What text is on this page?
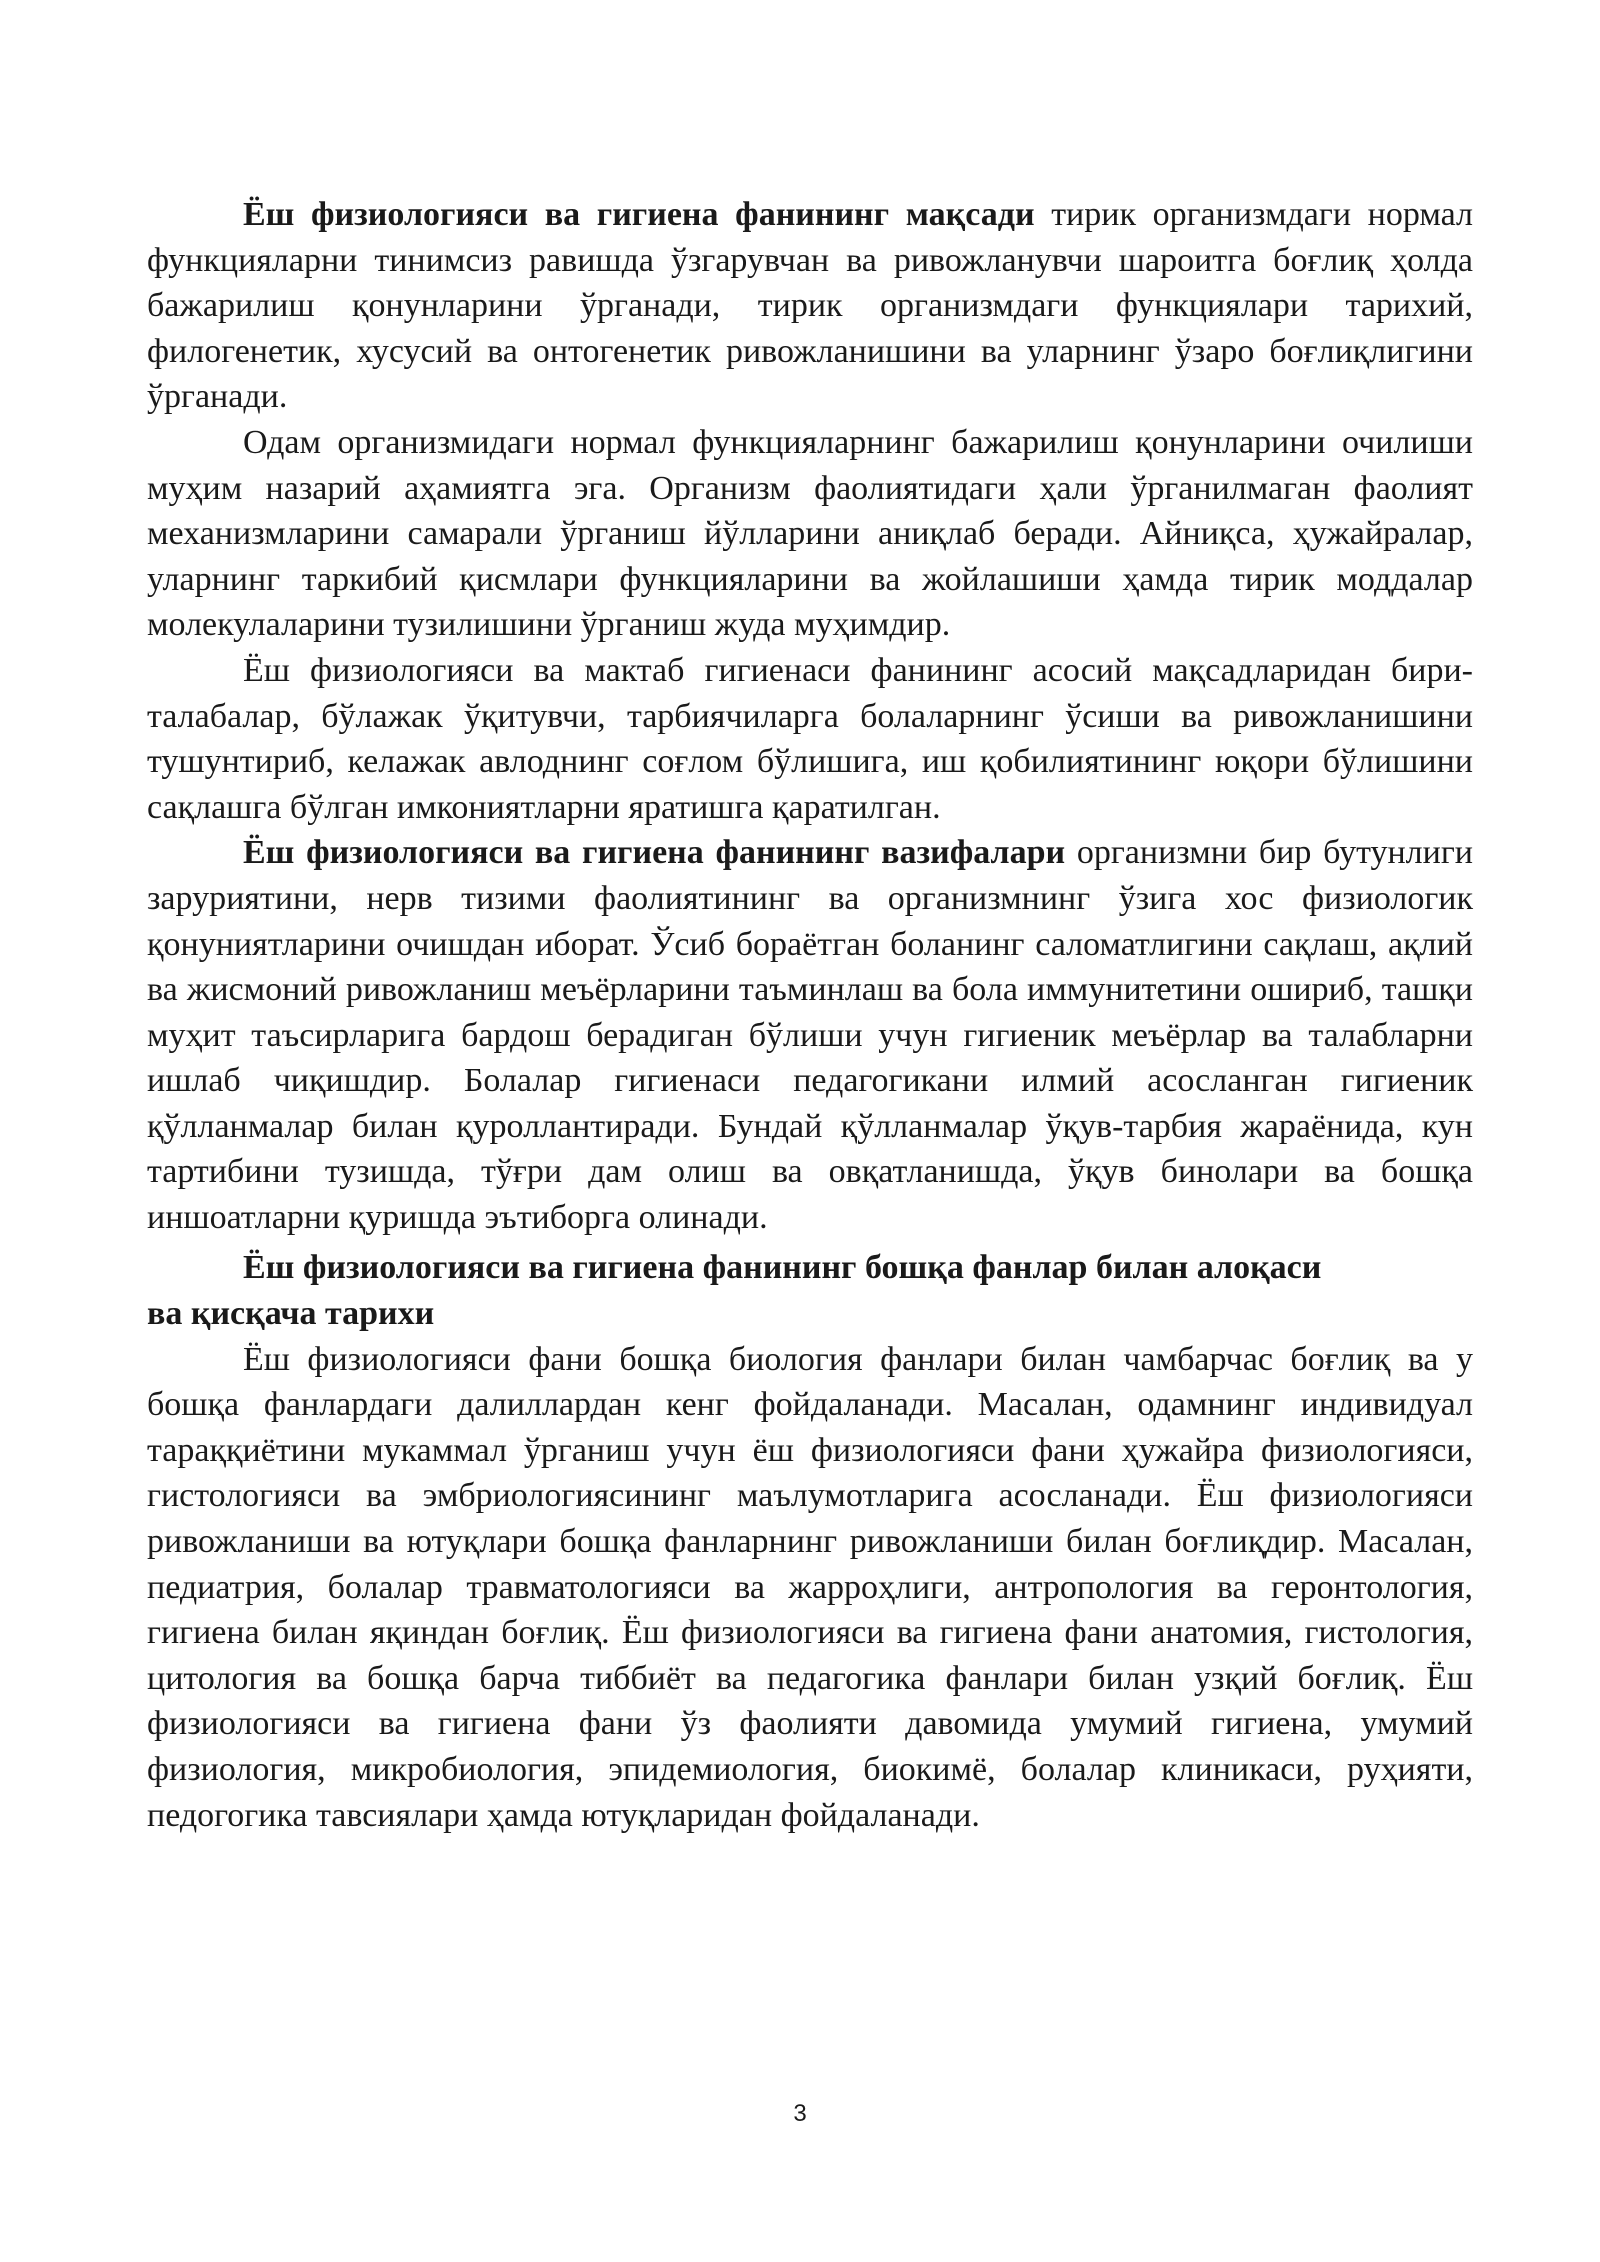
Ёш физиологияси ва гигиена фанининг мақсади тирик организмдаги нормал функцияларни тинимсиз равишда ўзгарувчан ва ривожланувчи шароитга боғлиқ ҳолда бажарилиш қонунларини ўрганади, тирик организмдаги функциялари тарихий, филогенетик, хусусий ва онтогенетик ривожланишини ва уларнинг ўзаро боғлиқлигини ўрганади.

Одам организмидаги нормал функцияларнинг бажарилиш қонунларини очилиши муҳим назарий аҳамиятга эга. Организм фаолиятидаги ҳали ўрганилмаган фаолият механизмларини самарали ўрганиш йўлларини аниқлаб беради. Айниқса, ҳужайралар, уларнинг таркибий қисмлари функцияларини ва жойлашиши ҳамда тирик моддалар молекулаларини тузилишини ўрганиш жуда муҳимдир.

Ёш физиологияси ва мактаб гигиенаси фанининг асосий мақсадларидан бири-талабалар, бўлажак ўқитувчи, тарбиячиларга болаларнинг ўсиши ва ривожланишини тушунтириб, келажак авлоднинг соғлом бўлишига, иш қобилиятининг юқори бўлишини сақлашга бўлган имкониятларни яратишга қаратилган.

Ёш физиологияси ва гигиена фанининг вазифалари организмни бир бутунлиги заруриятини, нерв тизими фаолиятининг ва организмнинг ўзига хос физиологик қонуниятларини очишдан иборат. Ўсиб бораётган боланинг саломатлигини сақлаш, ақлий ва жисмоний ривожланиш меъёрларини таъминлаш ва бола иммунитетини ошириб, ташқи муҳит таъсирларига бардош берадиган бўлиши учун гигиеник меъёрлар ва талабларни ишлаб чиқишдир. Болалар гигиенаси педагогикани илмий асосланган гигиеник қўлланмалар билан қуроллантиради. Бундай қўлланмалар ўқув-тарбия жараёнида, кун тартибини тузишда, тўғри дам олиш ва овқатланишда, ўқув бинолари ва бошқа иншоатларни қуришда эътиборга олинади.

Ёш физиологияси ва гигиена фанининг бошқа фанлар билан алоқаси
ва қисқача тарихи

Ёш физиологияси фани бошқа биология фанлари билан чамбарчас боғлиқ ва у бошқа фанлардаги далиллардан кенг фойдаланади. Масалан, одамнинг индивидуал тараққиётини мукаммал ўрганиш учун ёш физиологияси фани ҳужайра физиологияси, гистологияси ва эмбриологиясининг маълумотларига асосланади. Ёш физиологияси ривожланиши ва ютуқлари бошқа фанларнинг ривожланиши билан боғлиқдир. Масалан, педиатрия, болалар травматологияси ва жарроҳлиги, антропология ва геронтология, гигиена билан яқиндан боғлиқ. Ёш физиологияси ва гигиена фани анатомия, гистология, цитология ва бошқа барча тиббиёт ва педагогика фанлари билан узқий боғлиқ. Ёш физиологияси ва гигиена фани ўз фаолияти давомида умумий гигиена, умумий физиология, микробиология, эпидемиология, биокимё, болалар клиникаси, руҳияти, педогогика тавсиялари ҳамда ютуқларидан фойдаланади.

3
